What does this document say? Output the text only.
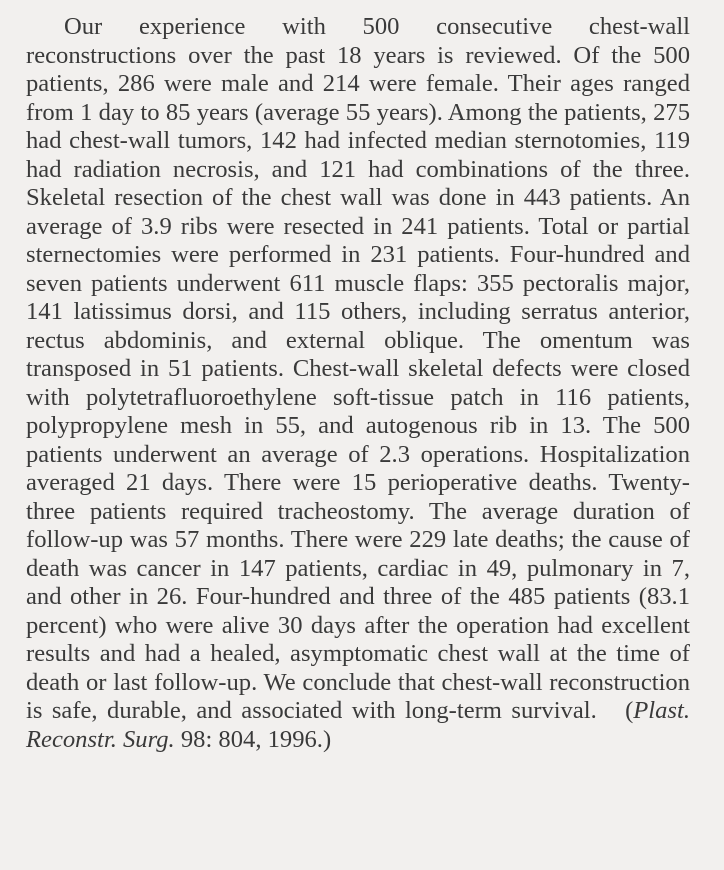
Our experience with 500 consecutive chest-wall reconstructions over the past 18 years is reviewed. Of the 500 patients, 286 were male and 214 were female. Their ages ranged from 1 day to 85 years (average 55 years). Among the patients, 275 had chest-wall tumors, 142 had infected median sternotomies, 119 had radiation necrosis, and 121 had combinations of the three. Skeletal resection of the chest wall was done in 443 patients. An average of 3.9 ribs were resected in 241 patients. Total or partial sternectomies were performed in 231 patients. Four-hundred and seven patients underwent 611 muscle flaps: 355 pectoralis major, 141 latissimus dorsi, and 115 others, including serratus anterior, rectus abdominis, and external oblique. The omentum was transposed in 51 patients. Chest-wall skeletal defects were closed with polytetrafluoroethylene soft-tissue patch in 116 patients, polypropylene mesh in 55, and autogenous rib in 13. The 500 patients underwent an average of 2.3 operations. Hospitalization averaged 21 days. There were 15 perioperative deaths. Twenty-three patients required tracheostomy. The average duration of follow-up was 57 months. There were 229 late deaths; the cause of death was cancer in 147 patients, cardiac in 49, pulmonary in 7, and other in 26. Four-hundred and three of the 485 patients (83.1 percent) who were alive 30 days after the operation had excellent results and had a healed, asymptomatic chest wall at the time of death or last follow-up. We conclude that chest-wall reconstruction is safe, durable, and associated with long-term survival. (Plast. Reconstr. Surg. 98: 804, 1996.)
